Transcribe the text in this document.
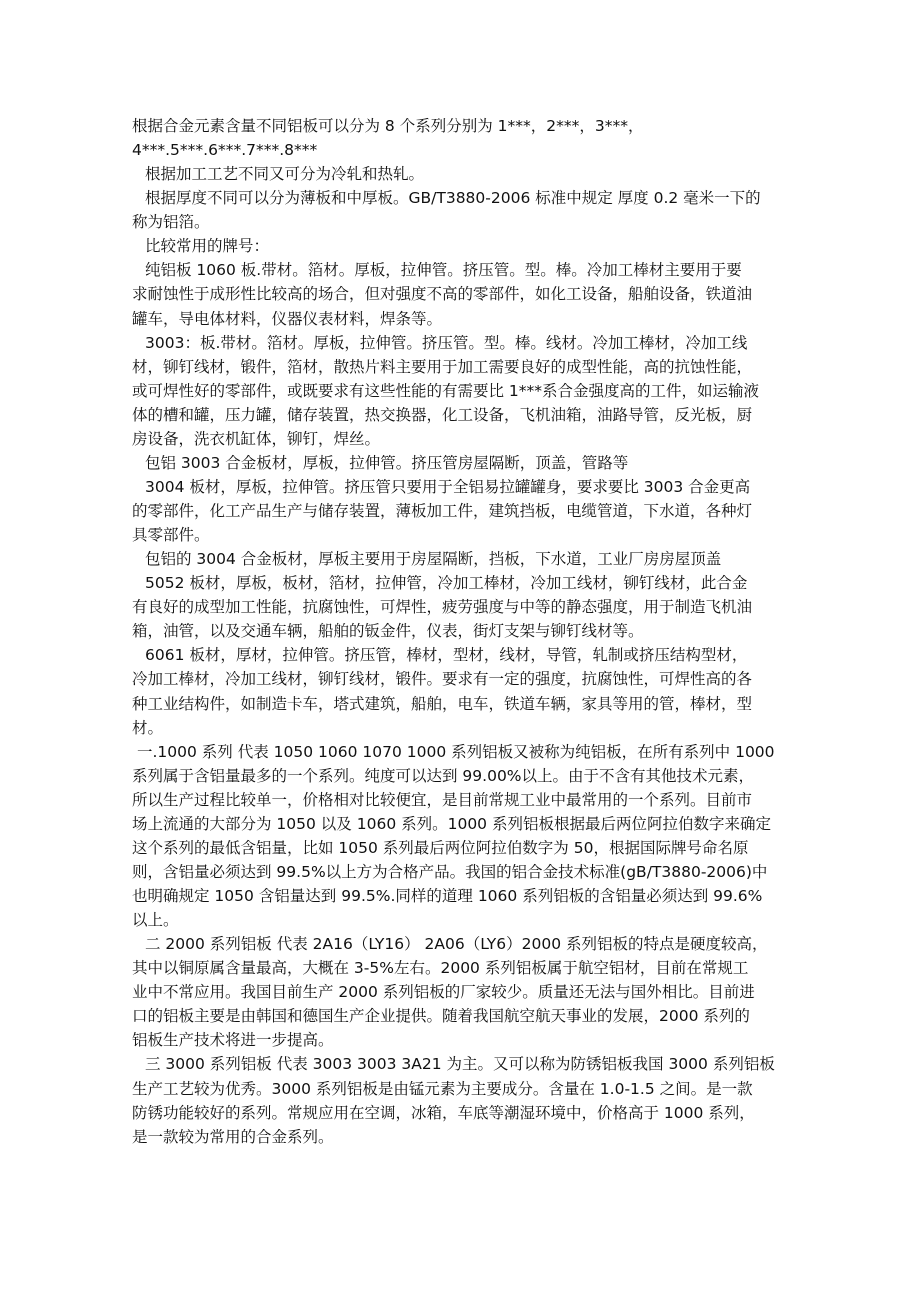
根据合金元素含量不同铝板可以分为 8 个系列分别为 1***，2***，3***，
4***.5***.6***.7***.8***
根据加工工艺不同又可分为冷轧和热轧。
根据厚度不同可以分为薄板和中厚板。GB/T3880-2006 标准中规定 厚度 0.2 毫米一下的
称为铝箔。
比较常用的牌号：
纯铝板 1060 板.带材。箔材。厚板，拉伸管。挤压管。型。棒。冷加工棒材主要用于要
求耐蚀性于成形性比较高的场合，但对强度不高的零部件，如化工设备，船舶设备，铁道油
罐车，导电体材料，仪器仪表材料，焊条等。
3003：板.带材。箔材。厚板，拉伸管。挤压管。型。棒。线材。冷加工棒材，冷加工线
材，铆钉线材，锻件，箔材，散热片料主要用于加工需要良好的成型性能，高的抗蚀性能，
或可焊性好的零部件，或既要求有这些性能的有需要比 1***系合金强度高的工件，如运输液
体的槽和罐，压力罐，储存装置，热交换器，化工设备，飞机油箱，油路导管，反光板，厨
房设备，洗衣机缸体，铆钉，焊丝。
包铝 3003 合金板材，厚板，拉伸管。挤压管房屋隔断，顶盖，管路等
3004 板材，厚板，拉伸管。挤压管只要用于全铝易拉罐罐身，要求要比 3003 合金更高
的零部件，化工产品生产与储存装置，薄板加工件，建筑挡板，电缆管道，下水道，各种灯
具零部件。
包铝的 3004 合金板材，厚板主要用于房屋隔断，挡板，下水道，工业厂房房屋顶盖
5052 板材，厚板，板材，箔材，拉伸管，冷加工棒材，冷加工线材，铆钉线材，此合金
有良好的成型加工性能，抗腐蚀性，可焊性，疲劳强度与中等的静态强度，用于制造飞机油
箱，油管，以及交通车辆，船舶的钣金件，仪表，街灯支架与铆钉线材等。
6061 板材，厚材，拉伸管。挤压管，棒材，型材，线材，导管，轧制或挤压结构型材，
冷加工棒材，冷加工线材，铆钉线材，锻件。要求有一定的强度，抗腐蚀性，可焊性高的各
种工业结构件，如制造卡车，塔式建筑，船舶，电车，铁道车辆，家具等用的管，棒材，型
材。
一.1000 系列 代表 1050 1060 1070 1000 系列铝板又被称为纯铝板，在所有系列中 1000
系列属于含铝量最多的一个系列。纯度可以达到 99.00%以上。由于不含有其他技术元素，
所以生产过程比较单一，价格相对比较便宜，是目前常规工业中最常用的一个系列。目前市
场上流通的大部分为 1050 以及 1060 系列。1000 系列铝板根据最后两位阿拉伯数字来确定
这个系列的最低含铝量，比如 1050 系列最后两位阿拉伯数字为 50，根据国际牌号命名原
则，含铝量必须达到 99.5%以上方为合格产品。我国的铝合金技术标准(gB/T3880-2006)中
也明确规定 1050 含铝量达到 99.5%.同样的道理 1060 系列铝板的含铝量必须达到 99.6%
以上。
二 2000 系列铝板 代表 2A16（LY16） 2A06（LY6）2000 系列铝板的特点是硬度较高，
其中以铜原属含量最高，大概在 3-5%左右。2000 系列铝板属于航空铝材，目前在常规工
业中不常应用。我国目前生产 2000 系列铝板的厂家较少。质量还无法与国外相比。目前进
口的铝板主要是由韩国和德国生产企业提供。随着我国航空航天事业的发展，2000 系列的
铝板生产技术将进一步提高。
三 3000 系列铝板 代表 3003 3003 3A21 为主。又可以称为防锈铝板我国 3000 系列铝板
生产工艺较为优秀。3000 系列铝板是由锰元素为主要成分。含量在 1.0-1.5 之间。是一款
防锈功能较好的系列。常规应用在空调，冰箱，车底等潮湿环境中，价格高于 1000 系列，
是一款较为常用的合金系列。
